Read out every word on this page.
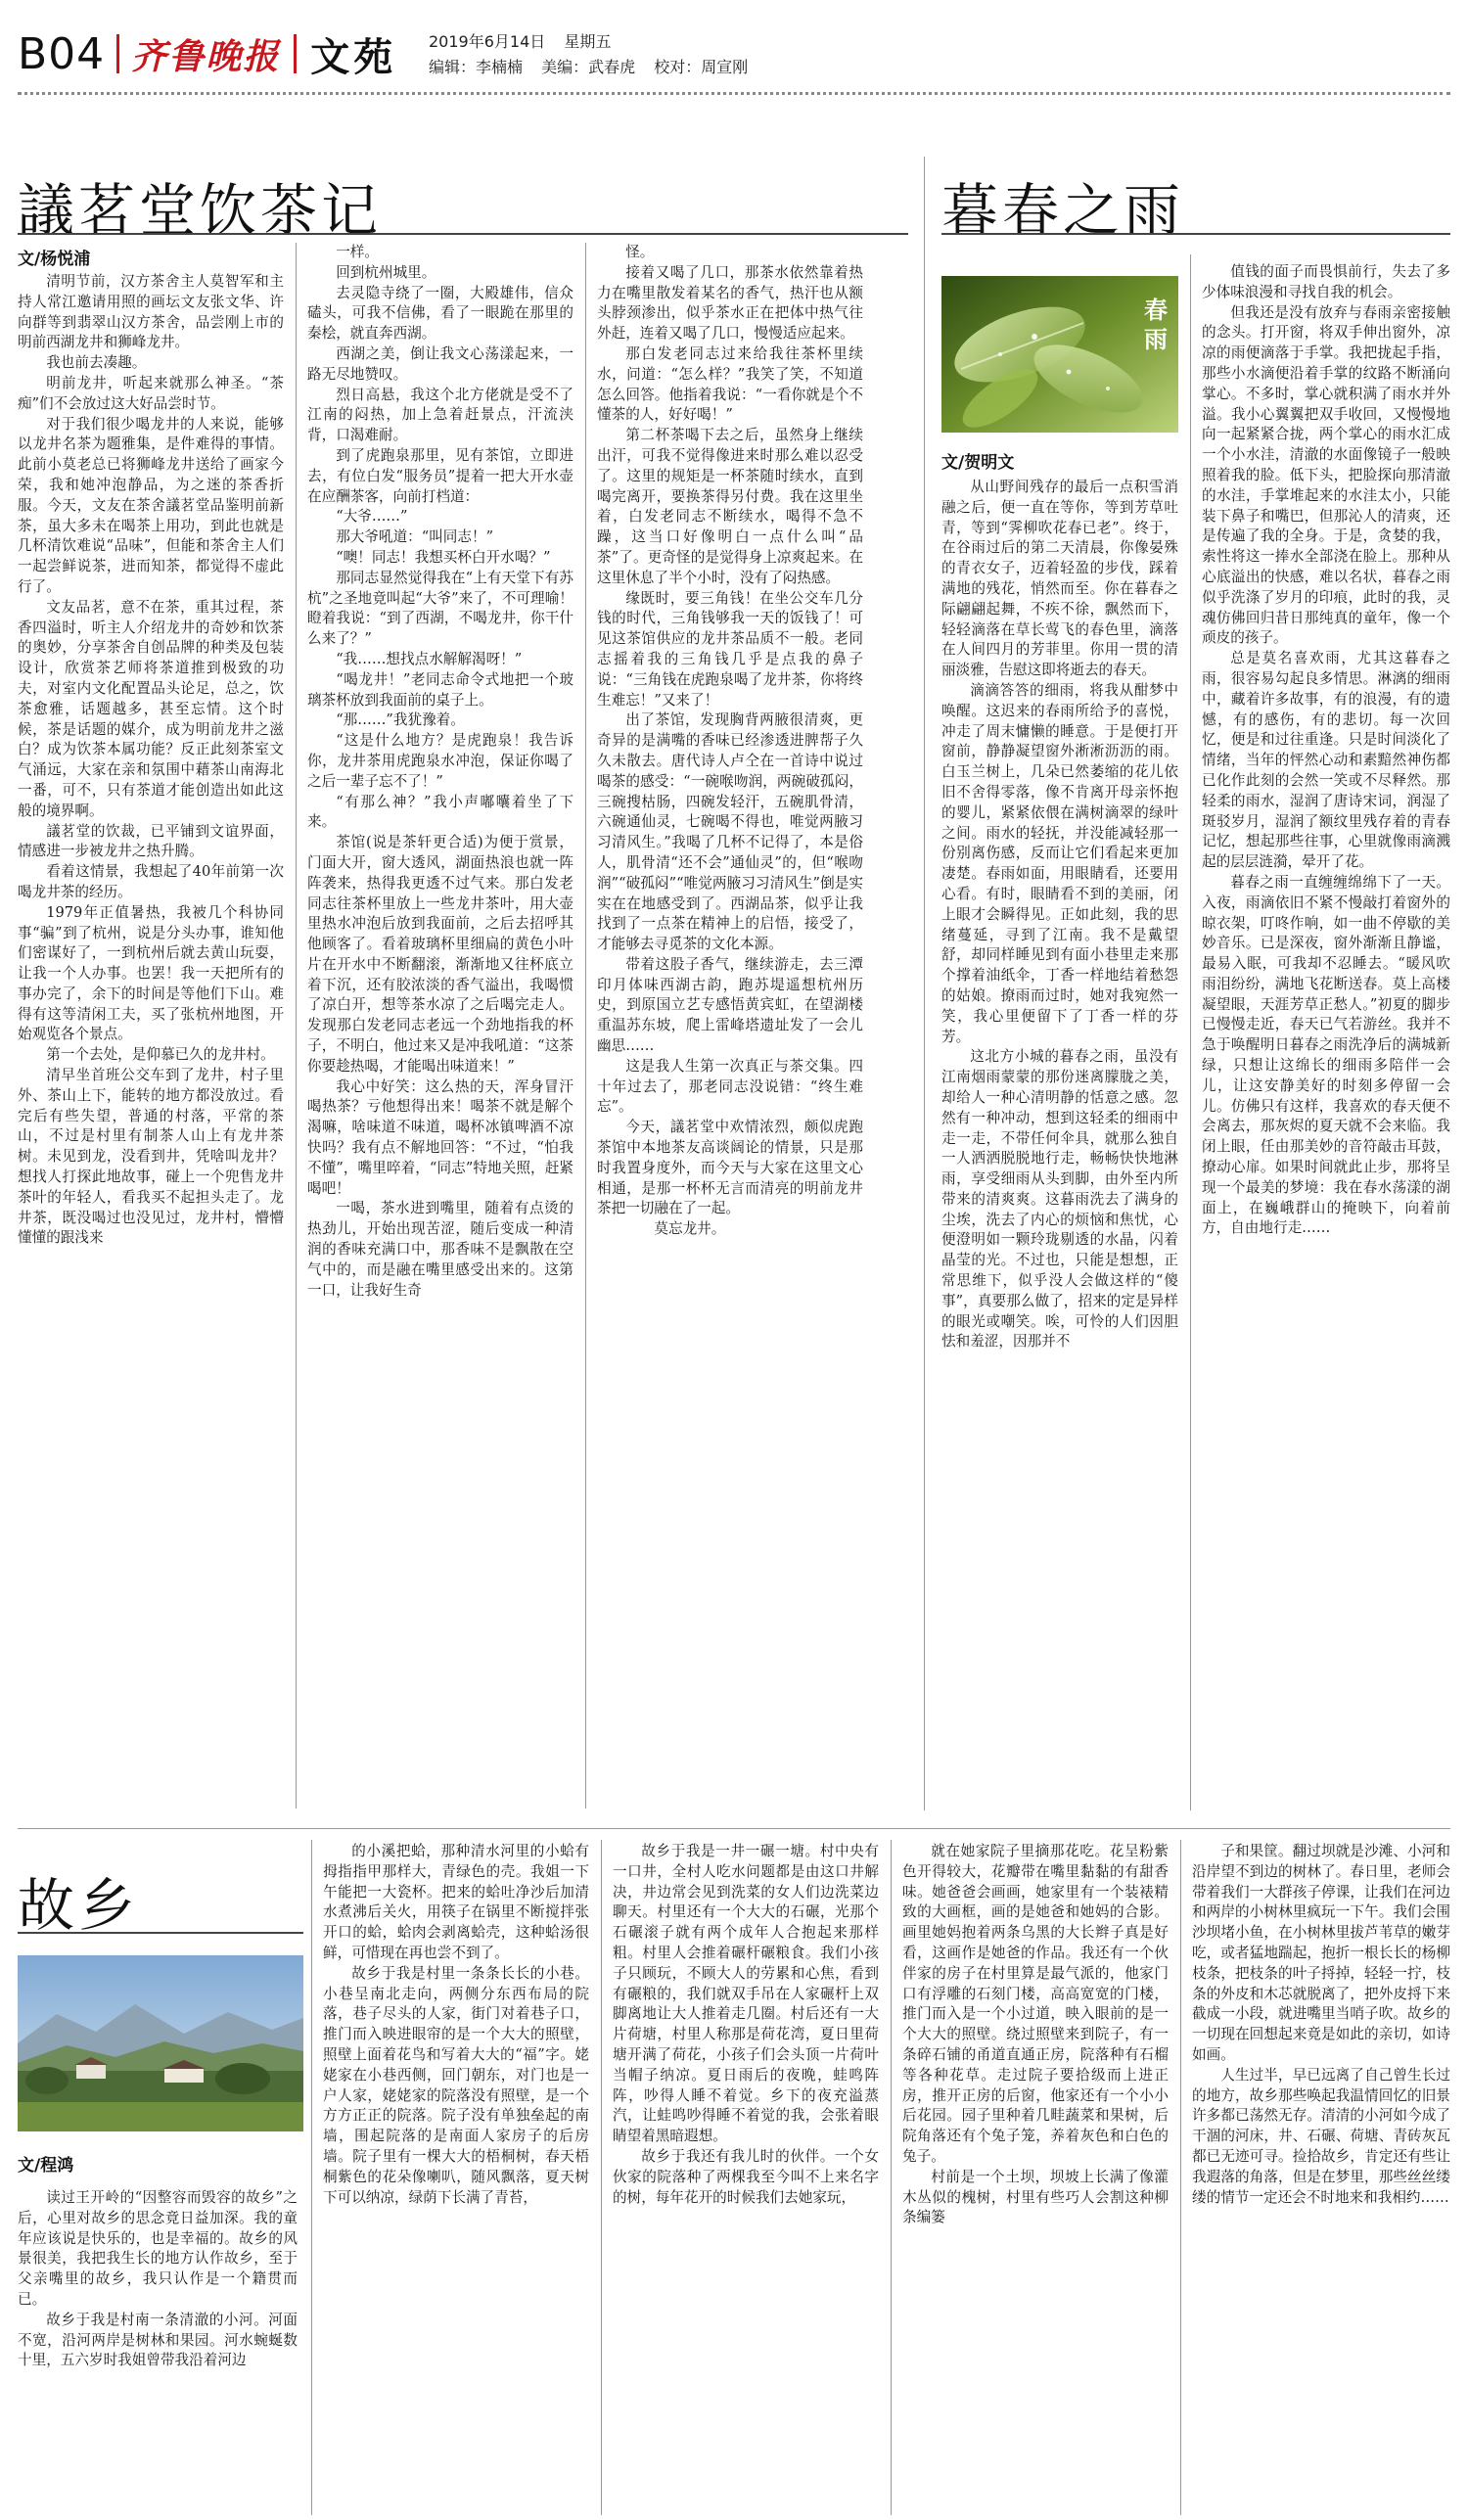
B04 齐鲁晚报 文苑 2019年6月14日 星期五
编辑：李楠楠 美编：武春虎 校对：周宣刚
議茗堂饮茶记
文/杨悦浦

清明节前，汉方茶舍主人莫智军和主持人常江邀请用照的画坛文友张文华、许向群等到翡翠山汉方茶舍，品尝刚上市的明前西湖龙井和狮峰龙井。

我也前去凑趣。

明前龙井，听起来就那么神圣。“茶痴”们不会放过这大好品尝时节。

对于我们很少喝龙井的人来说，能够以龙井名茶为题雅集，是件难得的事情。此前小莫老总已将狮峰龙井送给了画家今荣，我和她冲泡静品，为之迷的茶香折服。今天，文友在茶舍議茗堂品鉴明前新茶，虽大多未在喝茶上用功，到此也就是几杯清饮难说“品味”，但能和茶舍主人们一起尝鲜说茶，进而知茶，都觉得不虚此行了。

文友品茗，意不在茶，重其过程，茶香四溢时，听主人介绍龙井的奇妙和饮茶的奥妙，分享茶舍自创品牌的种类及包装设计，欣赏茶艺师将茶道推到极致的功夫，对室内文化配置品头论足，总之，饮茶愈雅，话题越多，甚至忘情。这个时候，茶是话题的媒介，成为明前龙井之滋白？成为饮茶本属功能？反正此刻茶室文气涌远，大家在亲和氛围中藉茶山南海北一番，可不，只有茶道才能创造出如此这般的境界啊。

議茗堂的饮裁，已平铺到文谊界面，情感进一步被龙井之热升腾。

看着这情景，我想起了40年前第一次喝龙井茶的经历。

1979年正值暑热，我被几个科协同事“骗”到了杭州，说是分头办事，谁知他们密谋好了，一到杭州后就去黄山玩耍，让我一个人办事。也罢！我一天把所有的事办完了，余下的时间是等他们下山。难得有这等清闲工夫，买了张杭州地图，开始观览各个景点。

第一个去处，是仰慕已久的龙井村。

清早坐首班公交车到了龙井，村子里外、茶山上下，能转的地方都没放过。看完后有些失望，普通的村落，平常的茶山，不过是村里有制茶人山上有龙井茶树。未见到龙，没看到井，凭啥叫龙井？想找人打探此地故事，碰上一个兜售龙井茶叶的年轻人，看我买不起担头走了。龙井茶，既没喝过也没见过，龙井村，懵懵懂懂的跟浅来

一样。

回到杭州城里。

去灵隐寺绕了一圈，大殿雄伟，信众磕头，可我不信佛，看了一眼跪在那里的秦桧，就直奔西湖。

西湖之美，倒让我文心荡漾起来，一路无尽地赞叹。

烈日高悬，我这个北方佬就是受不了江南的闷热，加上急着赶景点，汗流浃背，口渴难耐。

到了虎跑泉那里，见有茶馆，立即进去，有位白发“服务员”提着一把大开水壶在应酬茶客，向前打档道：

“大爷……”

那大爷吼道：“叫同志！”

“噢！同志！我想买杯白开水喝？”

那同志显然觉得我在“上有天堂下有苏杭”之圣地竟叫起“大爷”来了，不可理喻！瞪着我说：“到了西湖，不喝龙井，你干什么来了？”

“我……想找点水解解渴呀！”

“喝龙井！”老同志命令式地把一个玻璃茶杯放到我面前的桌子上。

“那……”我犹豫着。

“这是什么地方？是虎跑泉！我告诉你，龙井茶用虎跑泉水冲泡，保证你喝了之后一辈子忘不了！”

“有那么神？”我小声嘟囔着坐了下来。

茶馆(说是茶轩更合适)为便于赏景，门面大开，窗大透风，湖面热浪也就一阵阵袭来，热得我更透不过气来。那白发老同志往茶杯里放上一些龙井茶叶，用大壶里热水冲泡后放到我面前，之后去招呼其他顾客了。看着玻璃杯里细扁的黄色小叶片在开水中不断翻滚，渐渐地又往杯底立着下沉，还有胶浓淡的香气溢出，我喝惯了凉白开，想等茶水凉了之后喝完走人。发现那白发老同志老远一个劲地指我的杯子，不明白，他过来又是冲我吼道：“这茶你要趁热喝，才能喝出味道来！”

我心中好笑：这么热的天，浑身冒汗喝热茶？亏他想得出来！喝茶不就是解个渴嘛，啥味道不味道，喝杯冰镇啤酒不凉快吗？我有点不解地回答：“不过，“怕我不懂”，嘴里啐着，“同志”特地关照，赶紧喝吧！

一喝，茶水进到嘴里，随着有点烫的热劲儿，开始出现苦涩，随后变成一种清润的香味充满口中，那香味不是飘散在空气中的，而是融在嘴里感受出来的。这第一口，让我好生奇

怪。

接着又喝了几口，那茶水依然靠着热力在嘴里散发着某名的香气，热汗也从额头脖颈渗出，似乎茶水正在把体中热气往外赶，连着又喝了几口，慢慢适应起来。

那白发老同志过来给我往茶杯里续水，问道：“怎么样？”我笑了笑，不知道怎么回答。他指着我说：“一看你就是个不懂茶的人，好好喝！”

第二杯茶喝下去之后，虽然身上继续出汗，可我不觉得像进来时那么难以忍受了。这里的规矩是一杯茶随时续水，直到喝完离开，要换茶得另付费。我在这里坐着，白发老同志不断续水，喝得不急不躁，这当口好像明白一点什么叫“品茶”了。更奇怪的是觉得身上凉爽起来。在这里休息了半个小时，没有了闷热感。

缘既时，要三角钱！在坐公交车几分钱的时代，三角钱够我一天的饭钱了！可见这茶馆供应的龙井茶品质不一般。老同志摇着我的三角钱几乎是点我的鼻子说：“三角钱在虎跑泉喝了龙井茶，你将终生难忘！”又来了！

出了茶馆，发现胸背两腋很清爽，更奇异的是满嘴的香味已经渗透进脾帮子久久未散去。唐代诗人卢仝在一首诗中说过喝茶的感受：“一碗喉吻润，两碗破孤闷，三碗搜枯肠，四碗发轻汗，五碗肌骨清，六碗通仙灵，七碗喝不得也，唯觉两腋习习清风生。”我喝了几杯不记得了，本是俗人，肌骨清“还不会”通仙灵”的，但“喉吻润”“破孤闷”“唯觉两腋习习清风生”倒是实实在在地感受到了。西湖品茶，似乎让我找到了一点茶在精神上的启悟，接受了，才能够去寻觅茶的文化本源。

带着这股子香气，继续游走，去三潭印月体味西湖古韵，跑苏堤遥想杭州历史，到原国立艺专感悟黄宾虹，在望湖楼重温苏东坡，爬上雷峰塔遗址发了一会儿幽思……

这是我人生第一次真正与茶交集。四十年过去了，那老同志没说错：“终生难忘”。

今天，議茗堂中欢情浓烈，颇似虎跑茶馆中本地茶友高谈阔论的情景，只是那时我置身度外，而今天与大家在这里文心相通，是那一杯杯无言而清亮的明前龙井茶把一切融在了一起。

莫忘龙井。

暮春之雨
春雨
文/贺明文

从山野间残存的最后一点积雪消融之后，便一直在等你，等到芳草吐青，等到“霁柳吹花春已老”。终于，在谷雨过后的第二天清晨，你像晏殊的青衣女子，迈着轻盈的步伐，踩着满地的残花，悄然而至。你在暮春之际翩翩起舞，不疾不徐，飘然而下，轻轻滴落在草长莺飞的春色里，滴落在人间四月的芳菲里。你用一贯的清丽淡雅，告慰这即将逝去的春天。

滴滴答答的细雨，将我从酣梦中唤醒。这迟来的春雨所给予的喜悦，冲走了周末慵懒的睡意。于是便打开窗前，静静凝望窗外淅淅沥沥的雨。白玉兰树上，几朵已然萎缩的花儿依旧不舍得零落，像不肯离开母亲怀抱的婴儿，紧紧依偎在满树滴翠的绿叶之间。雨水的轻抚，并没能减轻那一份别离伤感，反而让它们看起来更加凄楚。春雨如面，用眼睛看，还要用心看。有时，眼睛看不到的美丽，闭上眼才会瞬得见。正如此刻，我的思绪蔓延，寻到了江南。我不是戴望舒，却同样睡见到有面小巷里走来那个撑着油纸伞，丁香一样地结着愁怨的姑娘。撩雨而过时，她对我宛然一笑，我心里便留下了丁香一样的芬芳。

这北方小城的暮春之雨，虽没有江南烟雨蒙蒙的那份迷离朦胧之美，却给人一种心清明静的恬意之感。忽然有一种冲动，想到这轻柔的细雨中走一走，不带任何伞具，就那么独自一人洒洒脱脱地行走，畅畅快快地淋雨，享受细雨从头到脚，由外至内所带来的清爽爽。这暮雨洗去了满身的尘埃，洗去了内心的烦恼和焦忧，心便澄明如一颗玲珑剔透的水晶，闪着晶莹的光。不过也，只能是想想，正常思维下，似乎没人会做这样的“傻事”，真要那么做了，招来的定是异样的眼光或嘲笑。唉，可怜的人们因胆怯和羞涩，因那并不

值钱的面子而畏惧前行，失去了多少体味浪漫和寻找自我的机会。

但我还是没有放弃与春雨亲密接触的念头。打开窗，将双手伸出窗外，凉凉的雨便滴落于手掌。我把拢起手指，那些小水滴便沿着手掌的纹路不断涌向掌心。不多时，掌心就积满了雨水并外溢。我小心翼翼把双手收回，又慢慢地向一起紧紧合拢，两个掌心的雨水汇成一个小水洼，清澈的水面像镜子一般映照着我的脸。低下头，把脸探向那清澈的水洼，手掌堆起来的水洼太小，只能装下鼻子和嘴巴，但那沁人的清爽，还是传遍了我的全身。于是，贪婪的我，索性将这一捧水全部浇在脸上。那种从心底溢出的快感，难以名状，暮春之雨似乎洗涤了岁月的印痕，此时的我，灵魂仿佛回归昔日那纯真的童年，像一个顽皮的孩子。

总是莫名喜欢雨，尤其这暮春之雨，很容易勾起良多情思。淋漓的细雨中，藏着许多故事，有的浪漫，有的遗憾，有的感伤，有的悲切。每一次回忆，便是和过往重逢。只是时间淡化了情绪，当年的怦然心动和素黯然神伤都已化作此刻的会然一笑或不尽释然。那轻柔的雨水，湿润了唐诗宋词，润湿了斑驳岁月，湿润了额纹里残存着的青春记忆，想起那些往事，心里就像雨滴溅起的层层涟漪，晕开了花。

暮春之雨一直缠缠绵绵下了一天。入夜，雨滴依旧不紧不慢敲打着窗外的晾衣架，叮咚作响，如一曲不停歇的美妙音乐。已是深夜，窗外渐渐且静谧，最易入眠，可我却不忍睡去。“暖风吹雨泪纷纷，满地飞花断送春。莫上高楼凝望眼，天涯芳草正愁人。”初夏的脚步已慢慢走近，春天已气若游丝。我并不急于唤醒明日暮春之雨洗净后的满城新绿，只想让这绵长的细雨多陪伴一会儿，让这安静美好的时刻多停留一会儿。仿佛只有这样，我喜欢的春天便不会离去，那灰烬的夏天就不会来临。我闭上眼，任由那美妙的音符敲击耳鼓，撩动心扉。如果时间就此止步，那将呈现一个最美的梦境：我在春水荡漾的湖面上，在巍峨群山的掩映下，向着前方，自由地行走……

故乡
文/程鸿

读过王开岭的“因整容而毁容的故乡”之后，心里对故乡的思念竟日益加深。我的童年应该说是快乐的，也是幸福的。故乡的风景很美，我把我生长的地方认作故乡，至于父亲嘴里的故乡，我只认作是一个籍贯而已。

故乡于我是村南一条清澈的小河。河面不宽，沿河两岸是树林和果园。河水蜿蜒数十里，五六岁时我姐曾带我沿着河边

的小溪把蛤，那种清水河里的小蛤有拇指指甲那样大，青绿色的壳。我姐一下午能把一大瓷杯。把来的蛤吐净沙后加清水煮沸后关火，用筷子在锅里不断搅拌张开口的蛤，蛤肉会剥离蛤壳，这种蛤汤很鲜，可惜现在再也尝不到了。

故乡于我是村里一条条长长的小巷。小巷呈南北走向，两侧分东西布局的院落，巷子尽头的人家，街门对着巷子口，推门而入映进眼帘的是一个大大的照壁，照壁上面着花鸟和写着大大的“福”字。姥姥家在小巷西侧，回门朝东，对门也是一户人家，姥姥家的院落没有照壁，是一个方方正正的院落。院子没有单独垒起的南墙，围起院落的是南面人家房子的后房墙。院子里有一棵大大的梧桐树，春天梧桐紫色的花朵像喇叭，随风飘落，夏天树下可以纳凉，绿荫下长满了青苔，

故乡于我是一井一碾一塘。村中央有一口井，全村人吃水问题都是由这口井解决，井边常会见到洗菜的女人们边洗菜边聊天。村里还有一个大大的石碾，光那个石碾滚子就有两个成年人合抱起来那样粗。村里人会推着碾杆碾粮食。我们小孩子只顾玩，不顾大人的劳累和心焦，看到有碾粮的，我们就双手吊在人家碾杆上双脚离地让大人推着走几圈。村后还有一大片荷塘，村里人称那是荷花湾，夏日里荷塘开满了荷花，小孩子们会头顶一片荷叶当帽子纳凉。夏日雨后的夜晚，蛙鸣阵阵，吵得人睡不着觉。乡下的夜充溢蒸汽，让蛙鸣吵得睡不着觉的我，会张着眼睛望着黑暗遐想。

故乡于我还有我儿时的伙伴。一个女伙家的院落种了两棵我至今叫不上来名字的树，每年花开的时候我们去她家玩，

就在她家院子里摘那花吃。花呈粉紫色开得较大，花瓣带在嘴里黏黏的有甜香味。她爸爸会画画，她家里有一个装裱精致的大画框，画的是她爸和她妈的合影。画里她妈抱着两条乌黑的大长辫子真是好看，这画作是她爸的作品。我还有一个伙伴家的房子在村里算是最气派的，他家门口有浮雕的石刻门楼，高高宽宽的门楼，推门而入是一个小过道，映入眼前的是一个大大的照壁。绕过照壁来到院子，有一条碎石铺的甬道直通正房，院落种有石榴等各种花草。走过院子要拾级而上进正房，推开正房的后窗，他家还有一个小小后花园。园子里种着几畦蔬菜和果树，后院角落还有个兔子笼，养着灰色和白色的兔子。

村前是一个土坝，坝坡上长满了像灌木丛似的槐树，村里有些巧人会割这种柳条编篓

子和果筐。翻过坝就是沙滩、小河和沿岸望不到边的树林了。春日里，老师会带着我们一大群孩子停课，让我们在河边和两岸的小树林里疯玩一下午。我们会围沙坝堵小鱼，在小树林里拔芦苇草的嫩芽吃，或者猛地踹起，抱折一根长长的杨柳枝条，把枝条的叶子捋掉，轻轻一拧，枝条的外皮和木芯就脱离了，把外皮捋下来截成一小段，就进嘴里当哨子吹。故乡的一切现在回想起来竟是如此的亲切，如诗如画。

人生过半，早已远离了自己曾生长过的地方，故乡那些唤起我温情回忆的旧景许多都已荡然无存。清清的小河如今成了干涸的河床，井、石碾、荷塘、青砖灰瓦都已无迹可寻。捡拾故乡，肯定还有些让我遐落的角落，但是在梦里，那些丝丝缕缕的情节一定还会不时地来和我相约……
